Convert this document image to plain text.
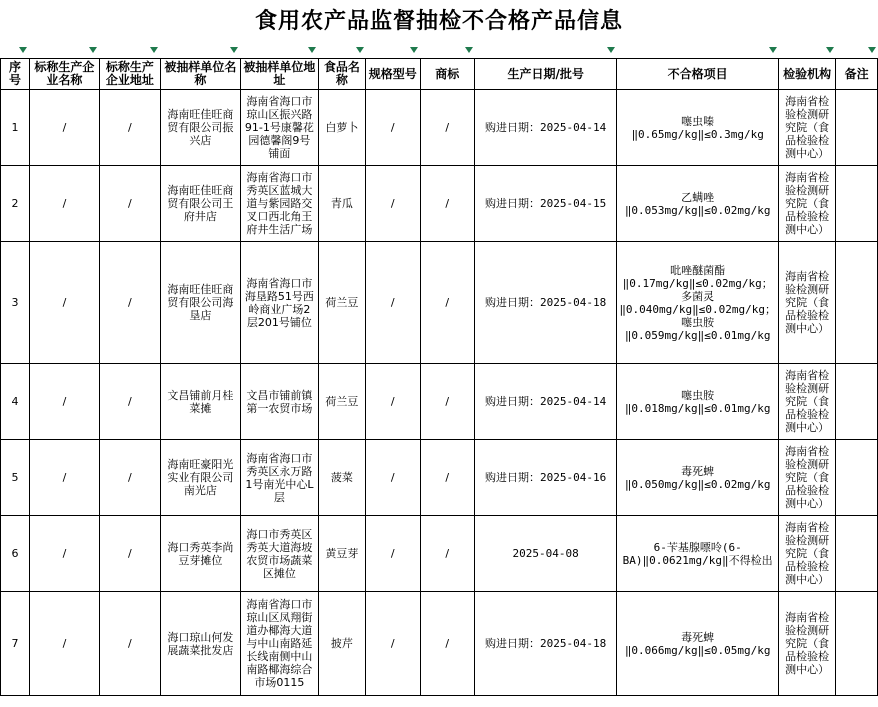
食用农产品监督抽检不合格产品信息

序号	标称生产企业名称	标称生产企业地址	被抽样单位名称	被抽样单位地址	食品名称	规格型号	商标	生产日期/批号	不合格项目	检验机构	备注
1	/	/	海南旺佳旺商贸有限公司振兴店	海南省海口市琼山区振兴路91-1号康馨花园德馨阁9号铺面	白萝卜	/	/	购进日期：2025-04-14	噻虫嗪‖0.65mg/kg‖≤0.3mg/kg	海南省检验检测研究院（食品检验检测中心）	
2	/	/	海南旺佳旺商贸有限公司王府井店	海南省海口市秀英区蓝城大道与紫园路交叉口西北角王府井生活广场	青瓜	/	/	购进日期：2025-04-15	乙螨唑‖0.053mg/kg‖≤0.02mg/kg	海南省检验检测研究院（食品检验检测中心）	
3	/	/	海南旺佳旺商贸有限公司海垦店	海南省海口市海垦路51号西岭商业广场2层201号铺位	荷兰豆	/	/	购进日期：2025-04-18	吡唑醚菌酯‖0.17mg/kg‖≤0.02mg/kg；多菌灵‖0.040mg/kg‖≤0.02mg/kg；噻虫胺‖0.059mg/kg‖≤0.01mg/kg	海南省检验检测研究院（食品检验检测中心）	
4	/	/	文昌铺前月桂菜摊	文昌市铺前镇第一农贸市场	荷兰豆	/	/	购进日期：2025-04-14	噻虫胺‖0.018mg/kg‖≤0.01mg/kg	海南省检验检测研究院（食品检验检测中心）	
5	/	/	海南旺豪阳光实业有限公司南光店	海南省海口市秀英区永万路1号南光中心L层	菠菜	/	/	购进日期：2025-04-16	毒死蜱‖0.050mg/kg‖≤0.02mg/kg	海南省检验检测研究院（食品检验检测中心）	
6	/	/	海口秀英李尚豆芽摊位	海口市秀英区秀英大道海坡农贸市场蔬菜区摊位	黄豆芽	/	/	2025-04-08	6-苄基腺嘌呤(6-BA)‖0.0621mg/kg‖不得检出	海南省检验检测研究院（食品检验检测中心）	
7	/	/	海口琼山何发展蔬菜批发店	海南省海口市琼山区凤翔街道办椰海大道与中山南路延长线南侧中山南路椰海综合市场0115	披芹	/	/	购进日期：2025-04-18	毒死蜱‖0.066mg/kg‖≤0.05mg/kg	海南省检验检测研究院（食品检验检测中心）	
